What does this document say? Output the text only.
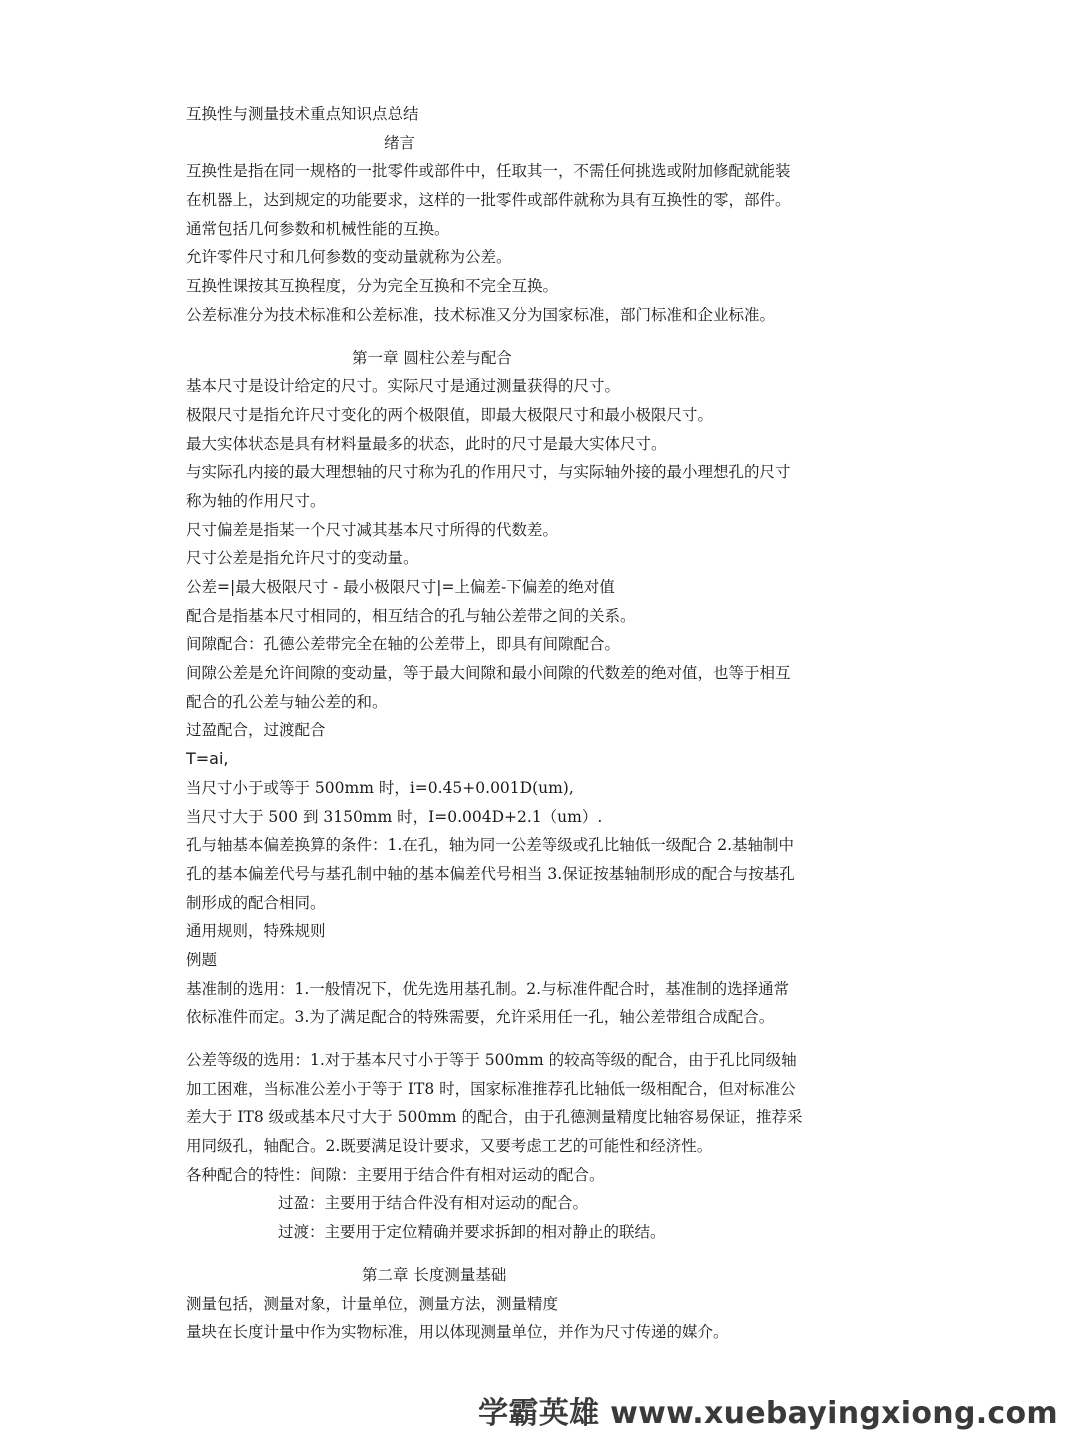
互换性与测量技术重点知识点总结
绪言
互换性是指在同一规格的一批零件或部件中，任取其一，不需任何挑选或附加修配就能装
在机器上，达到规定的功能要求，这样的一批零件或部件就称为具有互换性的零，部件。
通常包括几何参数和机械性能的互换。
允许零件尺寸和几何参数的变动量就称为公差。
互换性课按其互换程度，分为完全互换和不完全互换。
公差标准分为技术标准和公差标准，技术标准又分为国家标准，部门标准和企业标准。
第一章 圆柱公差与配合
基本尺寸是设计给定的尺寸。实际尺寸是通过测量获得的尺寸。
极限尺寸是指允许尺寸变化的两个极限值，即最大极限尺寸和最小极限尺寸。
最大实体状态是具有材料量最多的状态，此时的尺寸是最大实体尺寸。
与实际孔内接的最大理想轴的尺寸称为孔的作用尺寸，与实际轴外接的最小理想孔的尺寸
称为轴的作用尺寸。
尺寸偏差是指某一个尺寸减其基本尺寸所得的代数差。
尺寸公差是指允许尺寸的变动量。
公差=|最大极限尺寸 - 最小极限尺寸|=上偏差-下偏差的绝对值
配合是指基本尺寸相同的，相互结合的孔与轴公差带之间的关系。
间隙配合：孔德公差带完全在轴的公差带上，即具有间隙配合。
间隙公差是允许间隙的变动量，等于最大间隙和最小间隙的代数差的绝对值，也等于相互
配合的孔公差与轴公差的和。
过盈配合，过渡配合
T=ai,
当尺寸小于或等于 500mm 时，i=0.45+0.001D(um),
当尺寸大于 500 到 3150mm 时，I=0.004D+2.1（um）.
孔与轴基本偏差换算的条件：1.在孔，轴为同一公差等级或孔比轴低一级配合 2.基轴制中
孔的基本偏差代号与基孔制中轴的基本偏差代号相当 3.保证按基轴制形成的配合与按基孔
制形成的配合相同。
通用规则，特殊规则
例题
基准制的选用：1.一般情况下，优先选用基孔制。2.与标准件配合时，基准制的选择通常
依标准件而定。3.为了满足配合的特殊需要，允许采用任一孔，轴公差带组合成配合。
公差等级的选用：1.对于基本尺寸小于等于 500mm 的较高等级的配合，由于孔比同级轴
加工困难，当标准公差小于等于 IT8 时，国家标准推荐孔比轴低一级相配合，但对标准公
差大于 IT8 级或基本尺寸大于 500mm 的配合，由于孔德测量精度比轴容易保证，推荐采
用同级孔，轴配合。2.既要满足设计要求，又要考虑工艺的可能性和经济性。
各种配合的特性：间隙：主要用于结合件有相对运动的配合。
过盈：主要用于结合件没有相对运动的配合。
过渡：主要用于定位精确并要求拆卸的相对静止的联结。
第二章 长度测量基础
测量包括，测量对象，计量单位，测量方法，测量精度
量块在长度计量中作为实物标准，用以体现测量单位，并作为尺寸传递的媒介。
学霸英雄 www.xuebayingxiong.com
